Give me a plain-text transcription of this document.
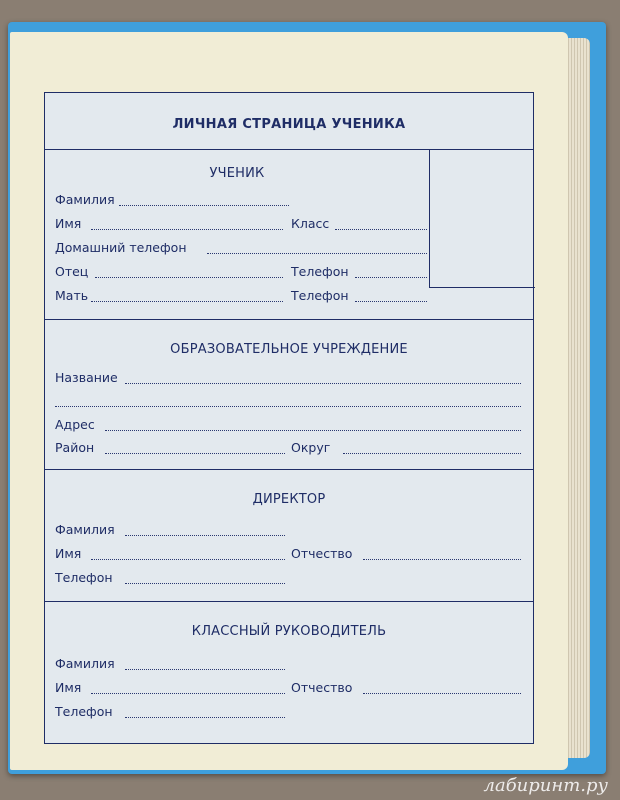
ЛИЧНАЯ СТРАНИЦА УЧЕНИКА
УЧЕНИК
Фамилия
Имя	Класс
Домашний телефон
Отец	Телефон
Мать	Телефон
ОБРАЗОВАТЕЛЬНОЕ УЧРЕЖДЕНИЕ
Название
Адрес
Район	Округ
ДИРЕКТОР
Фамилия
Имя	Отчество
Телефон
КЛАССНЫЙ РУКОВОДИТЕЛЬ
Фамилия
Имя	Отчество
Телефон
лабиринт.ру
